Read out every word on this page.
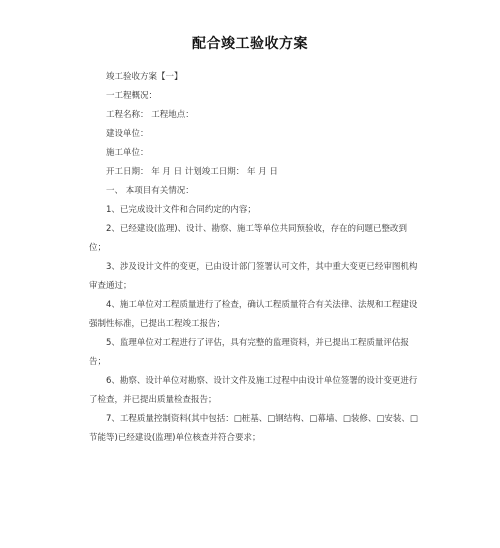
配合竣工验收方案
竣工验收方案【一】
一工程概况：
工程名称： 工程地点：
建设单位：
施工单位：
开工日期： 年 月 日 计划竣工日期： 年 月 日
一、 本项目有关情况：
1、已完成设计文件和合同约定的内容；
2、已经建设(监理)、设计、勘察、施工等单位共同预验收，存在的问题已整改到位；
3、涉及设计文件的变更，已由设计部门签署认可文件，其中重大变更已经审图机构审查通过；
4、施工单位对工程质量进行了检查，确认工程质量符合有关法律、法规和工程建设强制性标准，已提出工程竣工报告；
5、监理单位对工程进行了评估，具有完整的监理资料，并已提出工程质量评估报告；
6、勘察、设计单位对勘察、设计文件及施工过程中由设计单位签署的设计变更进行了检查，并已提出质量检查报告；
7、工程质量控制资料(其中包括：□桩基、□钢结构、□幕墙、□装修、□安装、□节能等)已经建设(监理)单位核查并符合要求；
